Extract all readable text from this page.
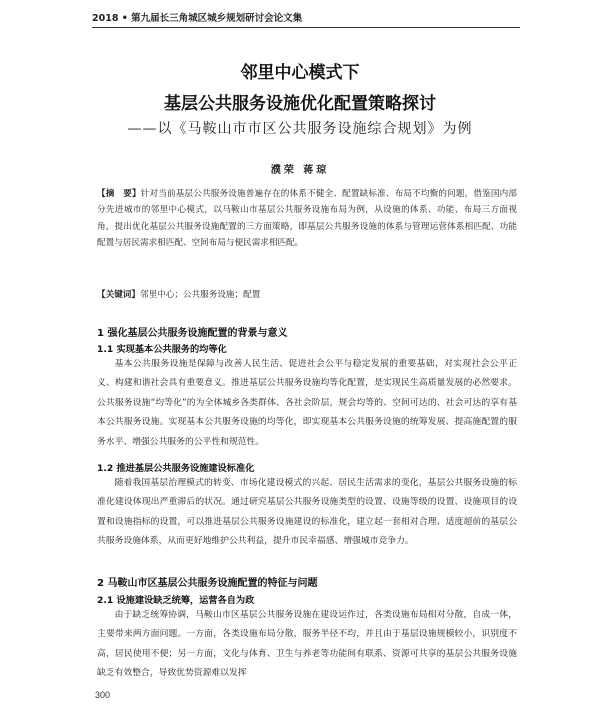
2018 • 第九届长三角城区城乡规划研讨会论文集
邻里中心模式下
基层公共服务设施优化配置策略探讨
——以《马鞍山市市区公共服务设施综合规划》为例
濮荣 蒋琼
【摘　要】针对当前基层公共服务设施普遍存在的体系不健全、配置缺标准、布局不均衡的问题，借鉴国内部分先进城市的邻里中心模式，以马鞍山市基层公共服务设施布局为例，从设施的体系、功能、布局三方面视角，提出优化基层公共服务设施配置的三方面策略，即基层公共服务设施的体系与管理运营体系相匹配、功能配置与居民需求相匹配、空间布局与便民需求相匹配。
【关键词】邻里中心；公共服务设施；配置
1 强化基层公共服务设施配置的背景与意义
1.1 实现基本公共服务的均等化
基本公共服务设施是保障与改善人民生活、促进社会公平与稳定发展的重要基础，对实现社会公平正义、构建和谐社会具有重要意义。推进基层公共服务设施均等化配置，是实现民生高质量发展的必然要求。公共服务设施“均等化”的为全体城乡各类群体、各社会阶层，规会均等的、空间可达的、社会可达的享有基本公共服务设施。实现基本公共服务设施的均等化，即实现基本公共服务设施的统筹发展、提高施配置的服务水平、增强公共服务的公平性和规范性。
1.2 推进基层公共服务设施建设标准化
随着我国基层治理模式的转变、市场化建设模式的兴起、居民生活需求的变化，基层公共服务设施的标准化建设体现出严重滞后的状况。通过研究基层公共服务设施类型的设置、设施等级的设置、设施项目的设置和设施指标的设置，可以推进基层公共服务设施建设的标准化，建立起一套相对合理、适度超前的基层公共服务设施体系，从而更好地维护公共利益，提升市民幸福感、增强城市竞争力。
2 马鞍山市区基层公共服务设施配置的特征与问题
2.1 设施建设缺乏统筹，运营各自为政
由于缺乏统筹协调，马鞍山市区基层公共服务设施在建设运作过，各类设施布局相对分散，自成一体，主要带来两方面问题。一方面，各类设施布局分散，服务半径不均，并且由于基层设施规模较小，识别度不高，居民使用不便；另一方面，文化与体育、卫生与养老等功能间有联系、资源可共享的基层公共服务设施缺乏有效整合，导致优势资源难以发挥
300
